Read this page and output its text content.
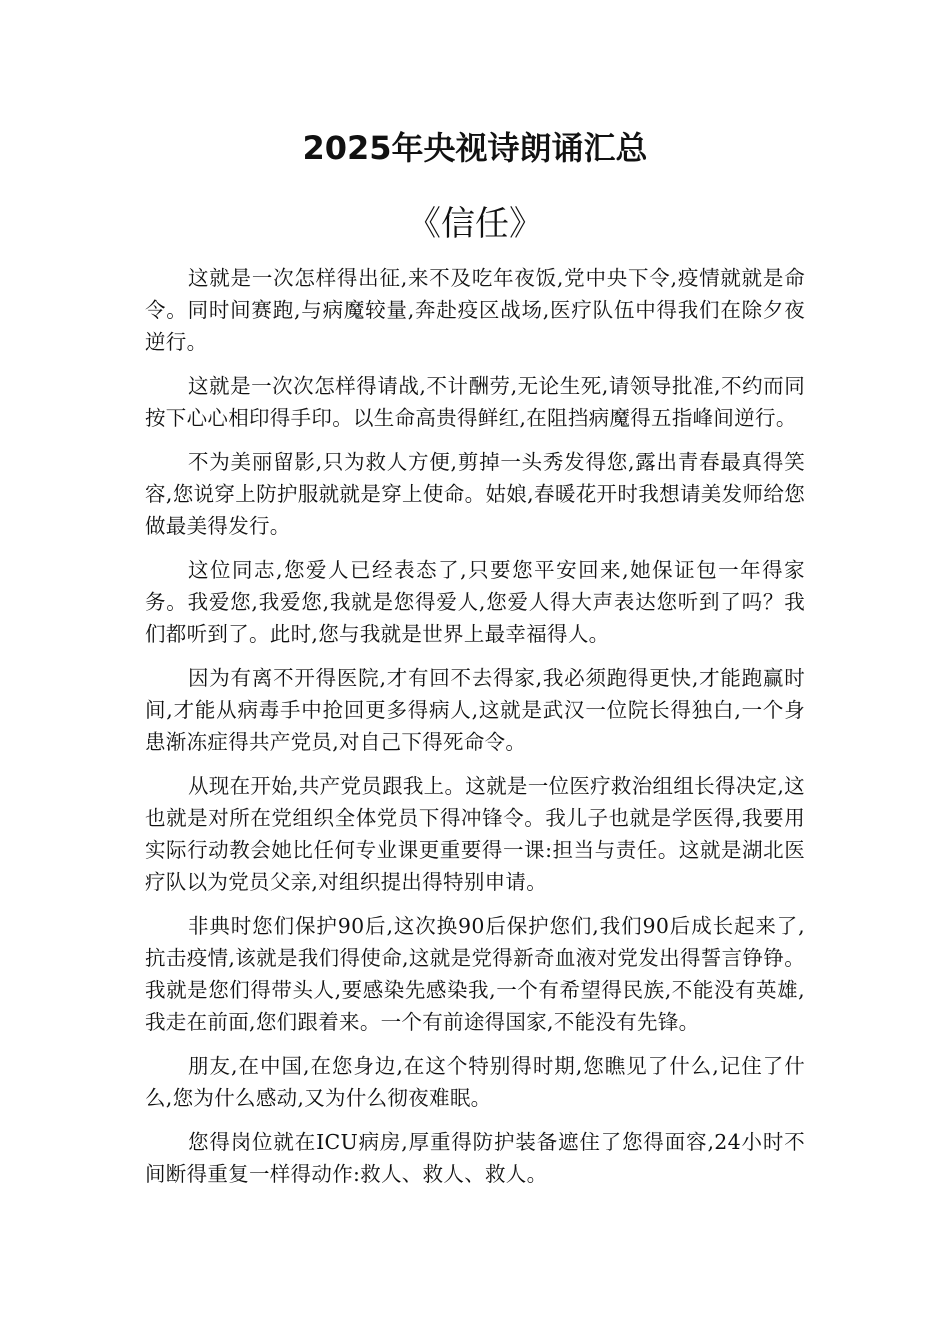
2025年央视诗朗诵汇总
《信任》

这就是一次怎样得出征,来不及吃年夜饭,党中央下令,疫情就就是命令。同时间赛跑,与病魔较量,奔赴疫区战场,医疗队伍中得我们在除夕夜逆行。

这就是一次次怎样得请战,不计酬劳,无论生死,请领导批准,不约而同按下心心相印得手印。以生命高贵得鲜红,在阻挡病魔得五指峰间逆行。

不为美丽留影,只为救人方便,剪掉一头秀发得您,露出青春最真得笑容,您说穿上防护服就就是穿上使命。姑娘,春暖花开时我想请美发师给您做最美得发行。

这位同志,您爱人已经表态了,只要您平安回来,她保证包一年得家务。我爱您,我爱您,我就是您得爱人,您爱人得大声表达您听到了吗？我们都听到了。此时,您与我就是世界上最幸福得人。

因为有离不开得医院,才有回不去得家,我必须跑得更快,才能跑赢时间,才能从病毒手中抢回更多得病人,这就是武汉一位院长得独白,一个身患渐冻症得共产党员,对自己下得死命令。

从现在开始,共产党员跟我上。这就是一位医疗救治组组长得决定,这也就是对所在党组织全体党员下得冲锋令。我儿子也就是学医得,我要用实际行动教会她比任何专业课更重要得一课:担当与责任。这就是湖北医疗队以为党员父亲,对组织提出得特别申请。

非典时您们保护90后,这次换90后保护您们,我们90后成长起来了,抗击疫情,该就是我们得使命,这就是党得新奇血液对党发出得誓言铮铮。我就是您们得带头人,要感染先感染我,一个有希望得民族,不能没有英雄,我走在前面,您们跟着来。一个有前途得国家,不能没有先锋。

朋友,在中国,在您身边,在这个特别得时期,您瞧见了什么,记住了什么,您为什么感动,又为什么彻夜难眠。

您得岗位就在ICU病房,厚重得防护装备遮住了您得面容,24小时不间断得重复一样得动作:救人、救人、救人。
